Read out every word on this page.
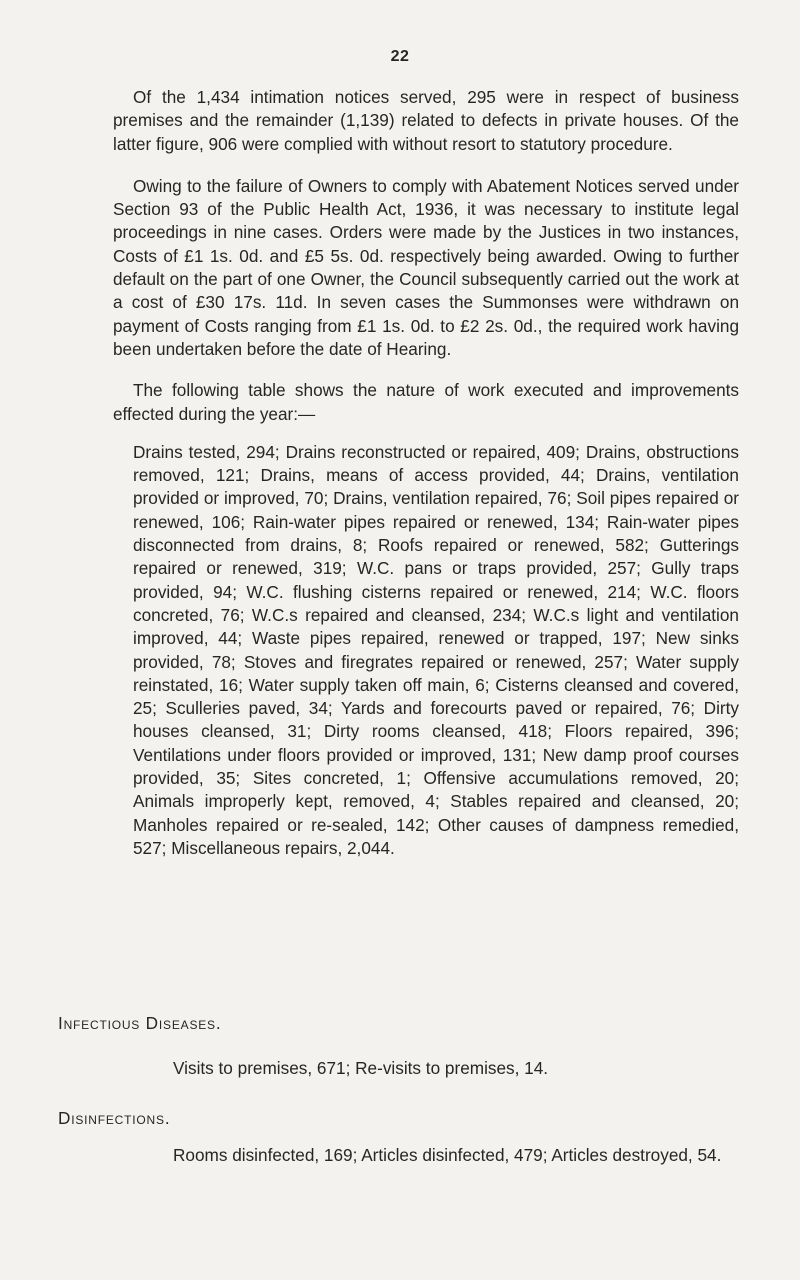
22

Of the 1,434 intimation notices served, 295 were in respect of business premises and the remainder (1,139) related to defects in private houses. Of the latter figure, 906 were complied with without resort to statutory procedure.

Owing to the failure of Owners to comply with Abatement Notices served under Section 93 of the Public Health Act, 1936, it was necessary to institute legal proceedings in nine cases. Orders were made by the Justices in two instances, Costs of £1 1s. 0d. and £5 5s. 0d. respectively being awarded. Owing to further default on the part of one Owner, the Council subsequently carried out the work at a cost of £30 17s. 11d. In seven cases the Summonses were withdrawn on payment of Costs ranging from £1 1s. 0d. to £2 2s. 0d., the required work having been undertaken before the date of Hearing.

The following table shows the nature of work executed and improvements effected during the year:—

Drains tested, 294; Drains reconstructed or repaired, 409; Drains, obstructions removed, 121; Drains, means of access provided, 44; Drains, ventilation provided or improved, 70; Drains, ventilation repaired, 76; Soil pipes repaired or renewed, 106; Rain-water pipes repaired or renewed, 134; Rain-water pipes disconnected from drains, 8; Roofs repaired or renewed, 582; Gutterings repaired or renewed, 319; W.C. pans or traps provided, 257; Gully traps provided, 94; W.C. flushing cisterns repaired or renewed, 214; W.C. floors concreted, 76; W.C.s repaired and cleansed, 234; W.C.s light and ventilation improved, 44; Waste pipes repaired, renewed or trapped, 197; New sinks provided, 78; Stoves and firegrates repaired or renewed, 257; Water supply reinstated, 16; Water supply taken off main, 6; Cisterns cleansed and covered, 25; Sculleries paved, 34; Yards and forecourts paved or repaired, 76; Dirty houses cleansed, 31; Dirty rooms cleansed, 418; Floors repaired, 396; Ventilations under floors provided or improved, 131; New damp proof courses provided, 35; Sites concreted, 1; Offensive accumulations removed, 20; Animals improperly kept, removed, 4; Stables repaired and cleansed, 20; Manholes repaired or re-sealed, 142; Other causes of dampness remedied, 527; Miscellaneous repairs, 2,044.

Infectious Diseases.
Visits to premises, 671; Re-visits to premises, 14.
Disinfections.
Rooms disinfected, 169; Articles disinfected, 479; Articles destroyed, 54.
